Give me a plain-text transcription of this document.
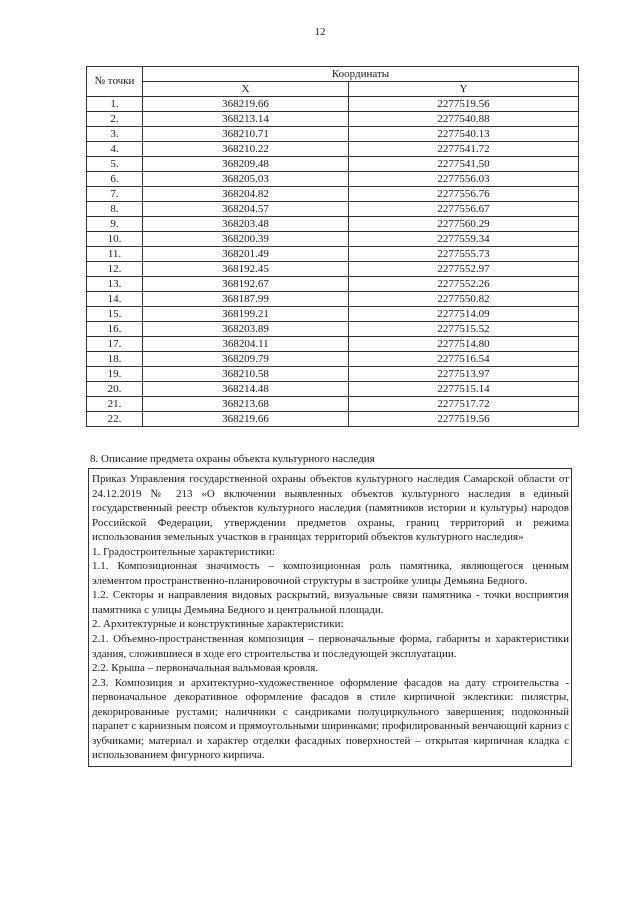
12
№ точки	Координаты	
	X	Y
1.	368219.66	2277519.56
2.	368213.14	2277540.88
3.	368210.71	2277540.13
4.	368210.22	2277541.72
5.	368209.48	2277541.50
6.	368205.03	2277556.03
7.	368204.82	2277556.76
8.	368204.57	2277556.67
9.	368203.48	2277560.29
10.	368200.39	2277559.34
11.	368201.49	2277555.73
12.	368192.45	2277552.97
13.	368192.67	2277552.26
14.	368187.99	2277550.82
15.	368199.21	2277514.09
16.	368203.89	2277515.52
17.	368204.11	2277514.80
18.	368209.79	2277516.54
19.	368210.58	2277513.97
20.	368214.48	2277515.14
21.	368213.68	2277517.72
22.	368219.66	2277519.56
8. Описание предмета охраны объекта культурного наследия

Приказ Управления государственной охраны объектов культурного наследия Самарской области от 24.12.2019 № 213 «О включении выявленных объектов культурного наследия в единый государственный реестр объектов культурного наследия (памятников истории и культуры) народов Российской Федерации, утверждении предметов охраны, границ территорий и режима использования земельных участков в границах территорий объектов культурного наследия»

1. Градостроительные характеристики:

1.1. Композиционная значимость – композиционная роль памятника, являющегося ценным элементом пространственно-планировочной структуры в застройке улицы Демьяна Бедного.

1.2. Секторы и направления видовых раскрытий, визуальные связи памятника - точки восприятия памятника с улицы Демьяна Бедного и центральной площади.

2. Архитектурные и конструктивные характеристики:

2.1. Объемно-пространственная композиция – первоначальные форма, габариты и характеристики здания, сложившиеся в ходе его строительства и последующей эксплуатации.

2.2. Крыша – первоначальная вальмовая кровля.

2.3. Композиция и архитектурно-художественное оформление фасадов на дату строительства - первоначальное декоративное оформление фасадов в стиле кирпичной эклектики: пилястры, декорированные рустами; наличники с сандриками полуциркульного завершения; подоконный парапет с карнизным поясом и прямоугольными ширинками; профилированный венчающий карниз с зубчиками; материал и характер отделки фасадных поверхностей – открытая кирпичная кладка с использованием фигурного кирпича.
